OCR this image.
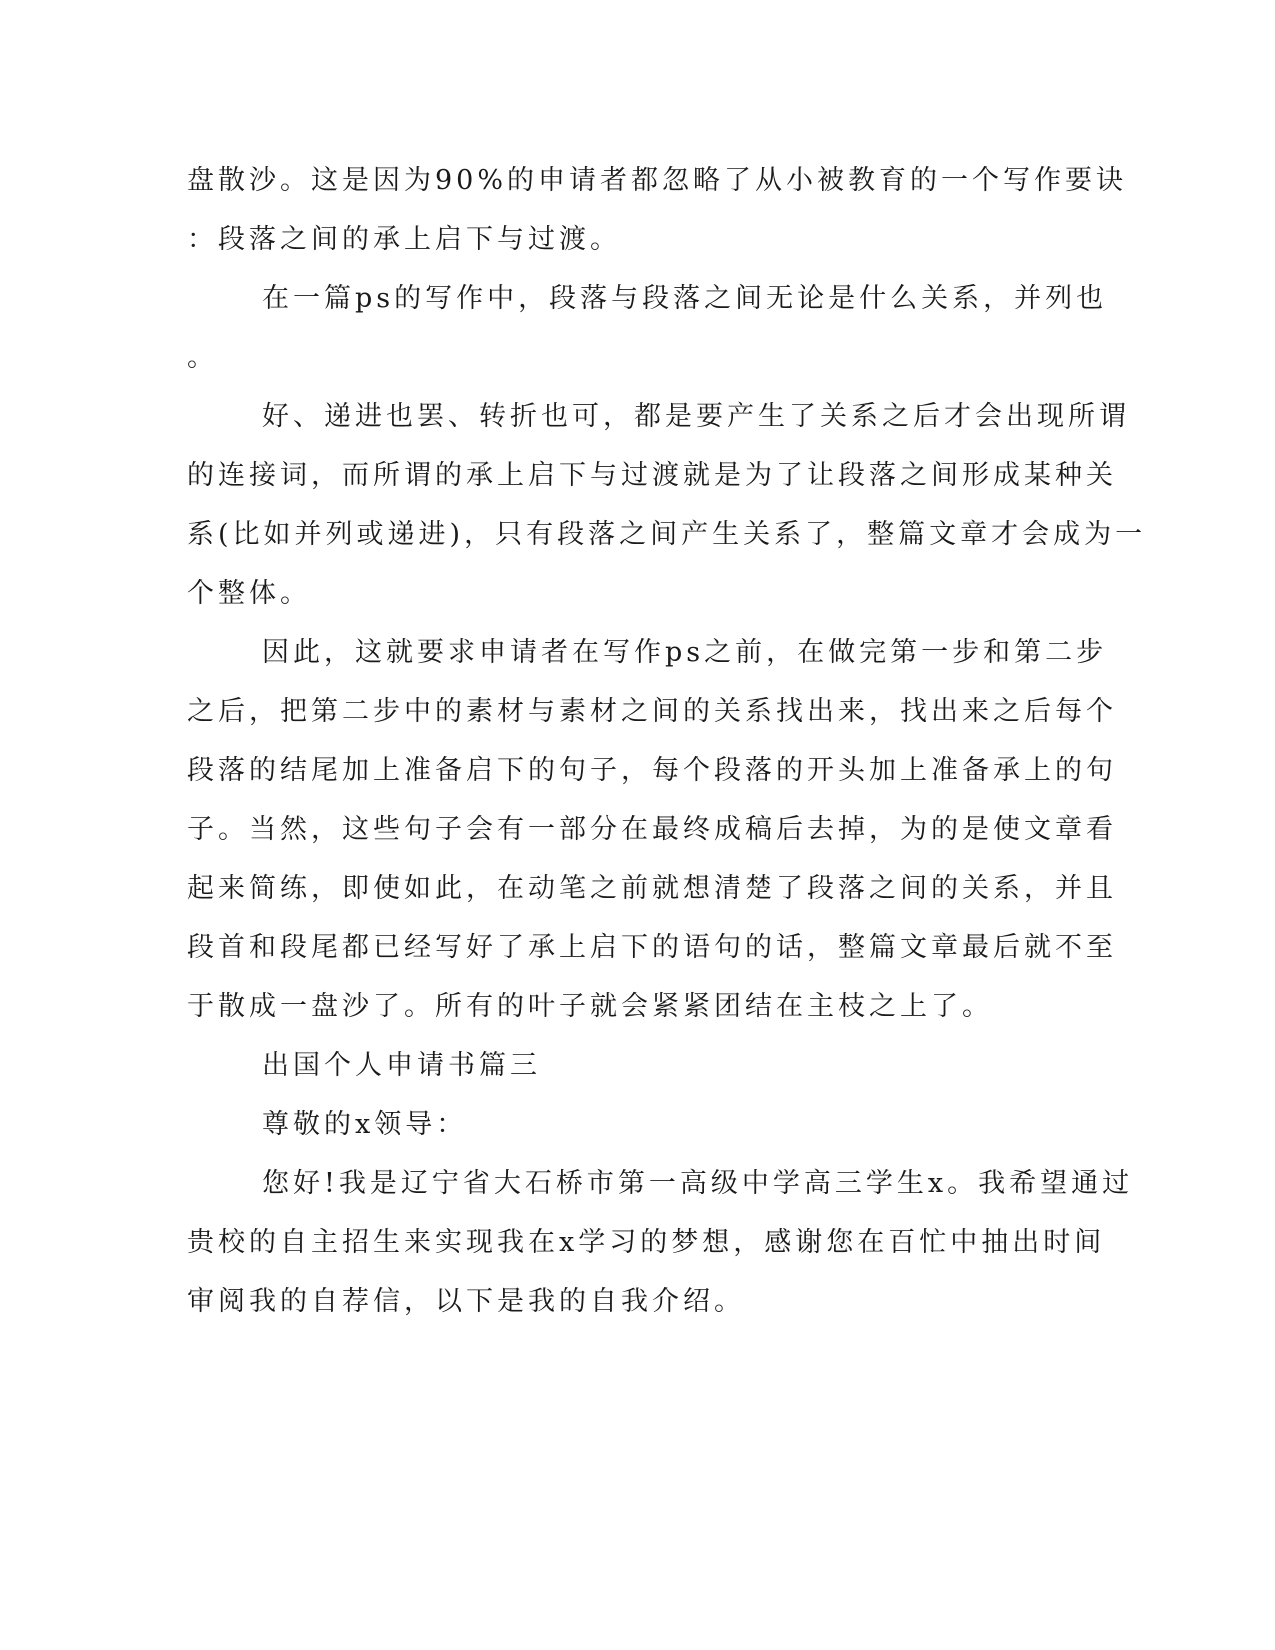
盘散沙。这是因为90%的申请者都忽略了从小被教育的一个写作要诀
：段落之间的承上启下与过渡。
在一篇ps的写作中，段落与段落之间无论是什么关系，并列也
。
好、递进也罢、转折也可，都是要产生了关系之后才会出现所谓
的连接词，而所谓的承上启下与过渡就是为了让段落之间形成某种关
系(比如并列或递进)，只有段落之间产生关系了，整篇文章才会成为一
个整体。
因此，这就要求申请者在写作ps之前，在做完第一步和第二步
之后，把第二步中的素材与素材之间的关系找出来，找出来之后每个
段落的结尾加上准备启下的句子，每个段落的开头加上准备承上的句
子。当然，这些句子会有一部分在最终成稿后去掉，为的是使文章看
起来简练，即使如此，在动笔之前就想清楚了段落之间的关系，并且
段首和段尾都已经写好了承上启下的语句的话，整篇文章最后就不至
于散成一盘沙了。所有的叶子就会紧紧团结在主枝之上了。
出国个人申请书篇三
尊敬的x领导：
您好!我是辽宁省大石桥市第一高级中学高三学生x。我希望通过
贵校的自主招生来实现我在x学习的梦想，感谢您在百忙中抽出时间
审阅我的自荐信，以下是我的自我介绍。
